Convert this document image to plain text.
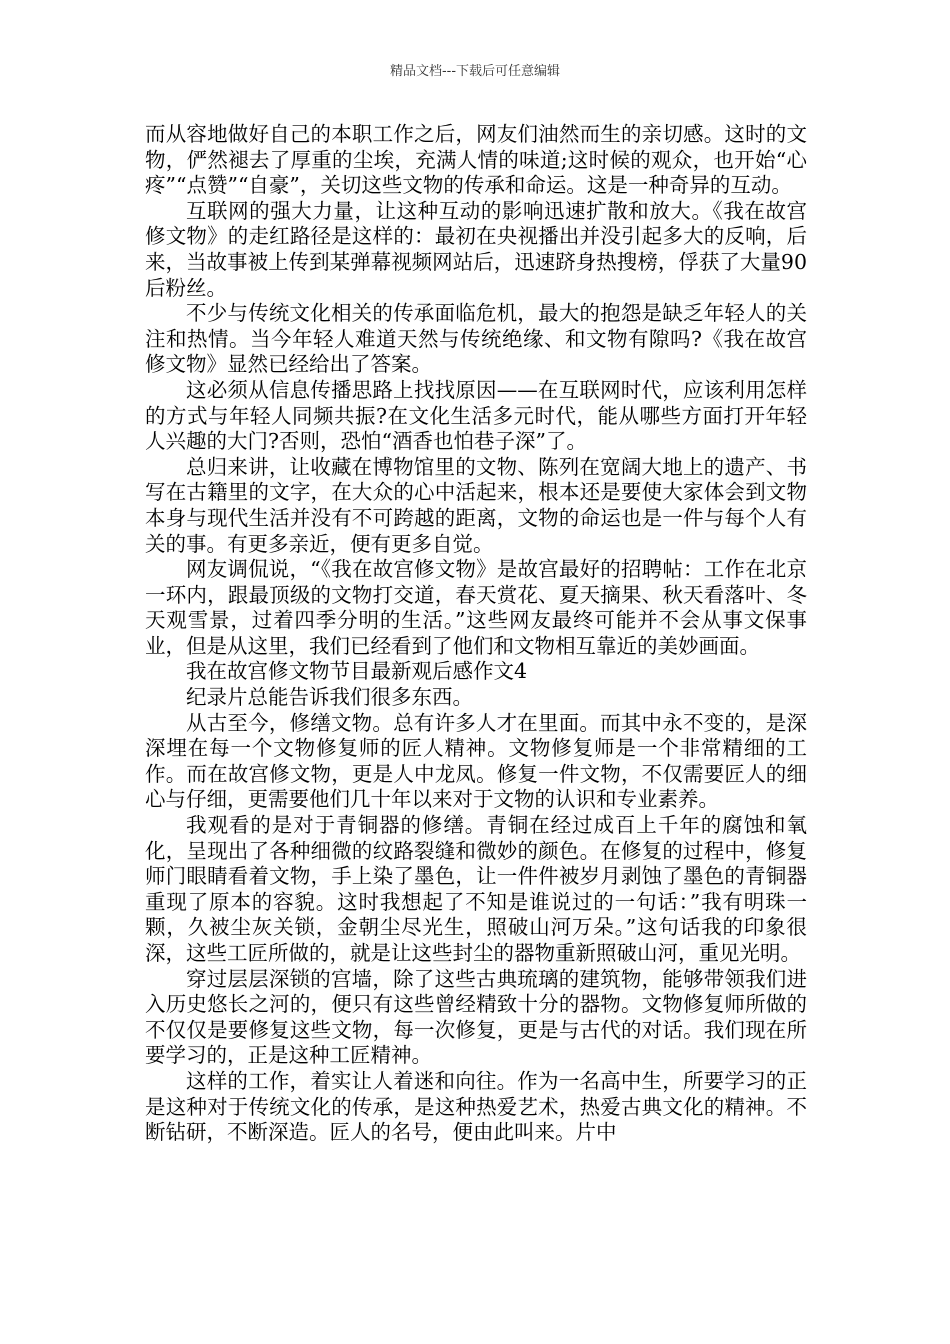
精品文档---下载后可任意编辑

而从容地做好自己的本职工作之后，网友们油然而生的亲切感。这时的文物，俨然褪去了厚重的尘埃，充满人情的味道;这时候的观众，也开始“心疼”“点赞”“自豪”，关切这些文物的传承和命运。这是一种奇异的互动。

互联网的强大力量，让这种互动的影响迅速扩散和放大。《我在故宫修文物》的走红路径是这样的：最初在央视播出并没引起多大的反响，后来，当故事被上传到某弹幕视频网站后，迅速跻身热搜榜，俘获了大量90后粉丝。

不少与传统文化相关的传承面临危机，最大的抱怨是缺乏年轻人的关注和热情。当今年轻人难道天然与传统绝缘、和文物有隙吗?《我在故宫修文物》显然已经给出了答案。

这必须从信息传播思路上找找原因——在互联网时代，应该利用怎样的方式与年轻人同频共振?在文化生活多元时代，能从哪些方面打开年轻人兴趣的大门?否则，恐怕“酒香也怕巷子深”了。

总归来讲，让收藏在博物馆里的文物、陈列在宽阔大地上的遗产、书写在古籍里的文字，在大众的心中活起来，根本还是要使大家体会到文物本身与现代生活并没有不可跨越的距离，文物的命运也是一件与每个人有关的事。有更多亲近，便有更多自觉。

网友调侃说，“《我在故宫修文物》是故宫最好的招聘帖：工作在北京一环内，跟最顶级的文物打交道，春天赏花、夏天摘果、秋天看落叶、冬天观雪景，过着四季分明的生活。”这些网友最终可能并不会从事文保事业，但是从这里，我们已经看到了他们和文物相互靠近的美妙画面。

我在故宫修文物节目最新观后感作文4

纪录片总能告诉我们很多东西。

从古至今，修缮文物。总有许多人才在里面。而其中永不变的，是深深埋在每一个文物修复师的匠人精神。文物修复师是一个非常精细的工作。而在故宫修文物，更是人中龙凤。修复一件文物，不仅需要匠人的细心与仔细，更需要他们几十年以来对于文物的认识和专业素养。

我观看的是对于青铜器的修缮。青铜在经过成百上千年的腐蚀和氧化，呈现出了各种细微的纹路裂缝和微妙的颜色。在修复的过程中，修复师门眼睛看着文物，手上染了墨色，让一件件被岁月剥蚀了墨色的青铜器重现了原本的容貌。这时我想起了不知是谁说过的一句话：”我有明珠一颗，久被尘灰关锁，金朝尘尽光生，照破山河万朵。”这句话我的印象很深，这些工匠所做的，就是让这些封尘的器物重新照破山河，重见光明。

穿过层层深锁的宫墙，除了这些古典琉璃的建筑物，能够带领我们进入历史悠长之河的，便只有这些曾经精致十分的器物。文物修复师所做的不仅仅是要修复这些文物，每一次修复，更是与古代的对话。我们现在所要学习的，正是这种工匠精神。

这样的工作，着实让人着迷和向往。作为一名高中生，所要学习的正是这种对于传统文化的传承，是这种热爱艺术，热爱古典文化的精神。不断钻研，不断深造。匠人的名号，便由此叫来。片中
